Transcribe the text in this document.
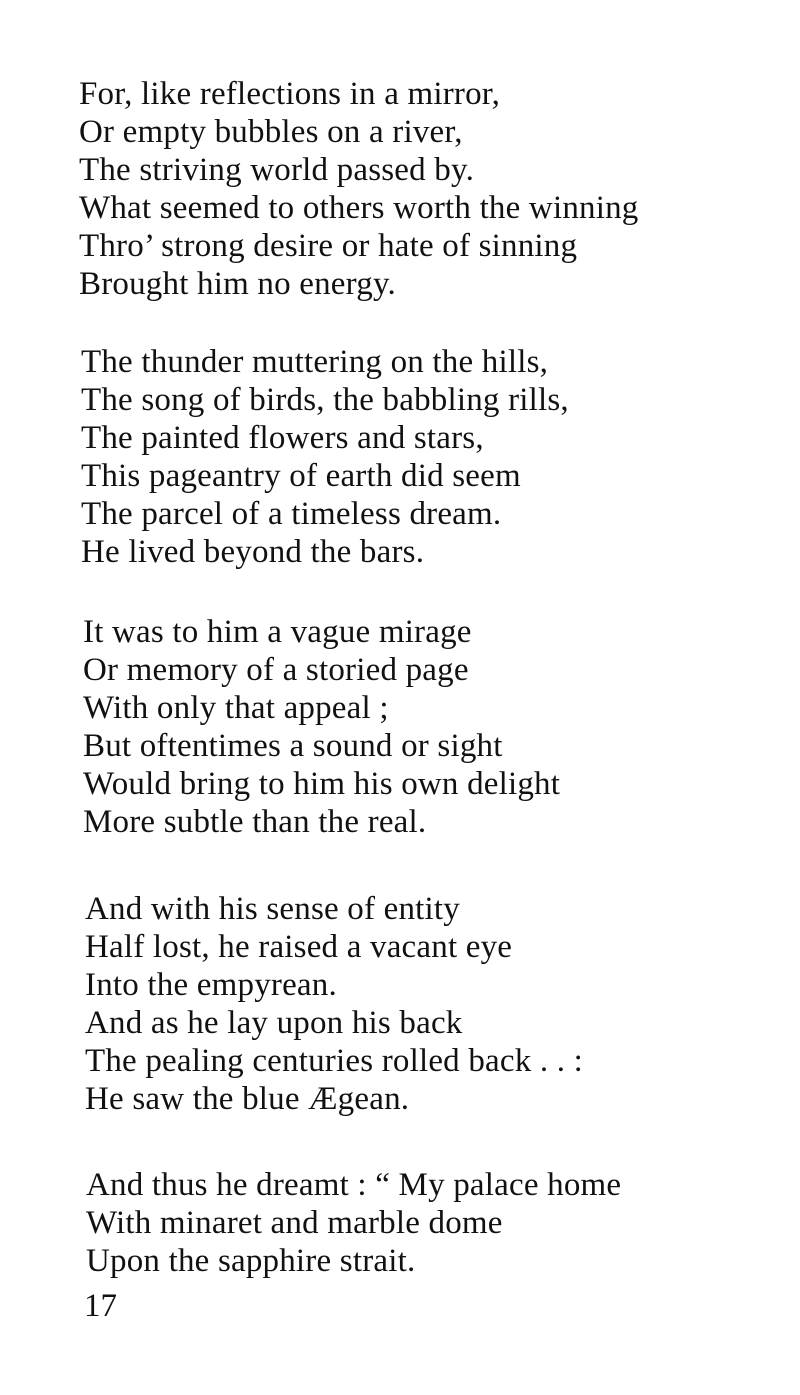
For, like reflections in a mirror,
Or empty bubbles on a river,
The striving world passed by.
What seemed to others worth the winning
Thro’ strong desire or hate of sinning
Brought him no energy.
The thunder muttering on the hills,
The song of birds, the babbling rills,
The painted flowers and stars,
This pageantry of earth did seem
The parcel of a timeless dream.
He lived beyond the bars.
It was to him a vague mirage
Or memory of a storied page
With only that appeal ;
But oftentimes a sound or sight
Would bring to him his own delight
More subtle than the real.
And with his sense of entity
Half lost, he raised a vacant eye
Into the empyrean.
And as he lay upon his back
The pealing centuries rolled back . . :
He saw the blue Ægean.
And thus he dreamt : “ My palace home
With minaret and marble dome
Upon the sapphire strait.
17
